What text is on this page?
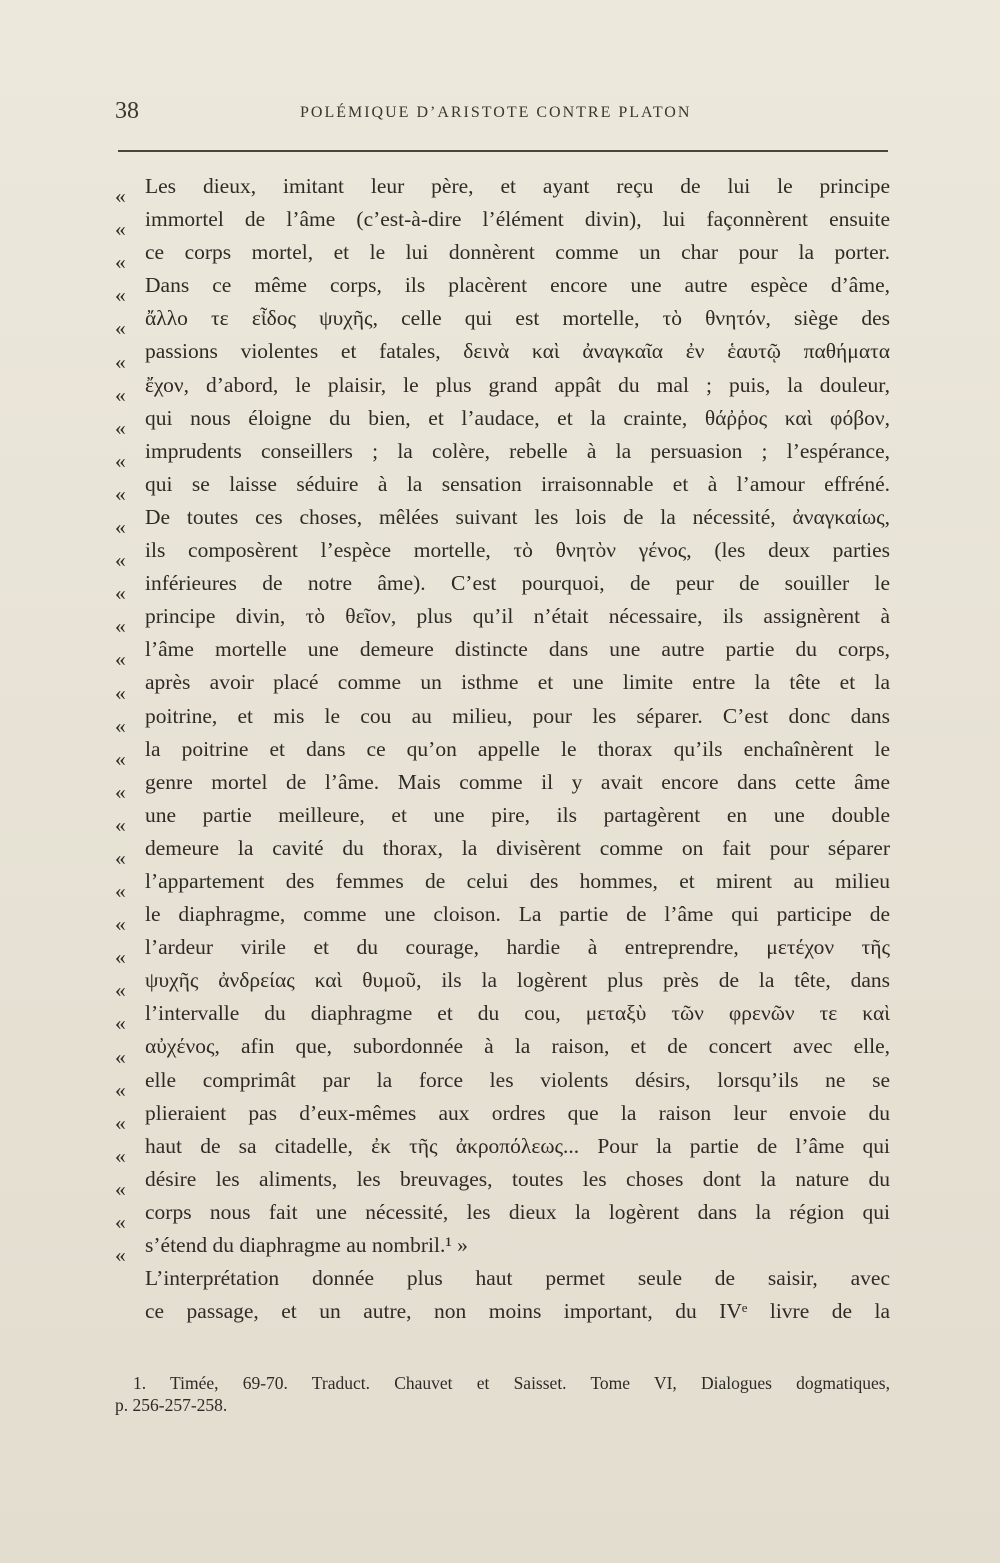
38	POLÉMIQUE D’ARISTOTE CONTRE PLATON
« Les dieux, imitant leur père, et ayant reçu de lui le principe
« immortel de l’âme (c’est-à-dire l’élément divin), lui façonnèrent ensuite
« ce corps mortel, et le lui donnèrent comme un char pour la porter.
« Dans ce même corps, ils placèrent encore une autre espèce d’âme,
« ἄλλο τε εἶδος ψυχῆς, celle qui est mortelle, τὸ θνητόν, siège des
« passions violentes et fatales, δεινὰ καὶ ἀναγκαῖα ἐν ἑαυτῷ παθήματα
« ἔχον, d’abord, le plaisir, le plus grand appât du mal ; puis, la douleur,
« qui nous éloigne du bien, et l’audace, et la crainte, θάῤῥος καὶ φόβον,
« imprudents conseillers ; la colère, rebelle à la persuasion ; l’espérance,
« qui se laisse séduire à la sensation irraisonnable et à l’amour effréné.
« De toutes ces choses, mêlées suivant les lois de la nécessité, ἀναγκαίως,
« ils composèrent l’espèce mortelle, τὸ θνητὸν γένος, (les deux parties
« inférieures de notre âme). C’est pourquoi, de peur de souiller le
« principe divin, τὸ θεῖον, plus qu’il n’était nécessaire, ils assignèrent à
« l’âme mortelle une demeure distincte dans une autre partie du corps,
« après avoir placé comme un isthme et une limite entre la tête et la
« poitrine, et mis le cou au milieu, pour les séparer. C’est donc dans
« la poitrine et dans ce qu’on appelle le thorax qu’ils enchaînèrent le
« genre mortel de l’âme. Mais comme il y avait encore dans cette âme
« une partie meilleure, et une pire, ils partagèrent en une double
« demeure la cavité du thorax, la divisèrent comme on fait pour séparer
« l’appartement des femmes de celui des hommes, et mirent au milieu
« le diaphragme, comme une cloison. La partie de l’âme qui participe de
« l’ardeur virile et du courage, hardie à entreprendre, μετέχον τῆς
« ψυχῆς ἀνδρείας καὶ θυμοῦ, ils la logèrent plus près de la tête, dans
« l’intervalle du diaphragme et du cou, μεταξὺ τῶν φρενῶν τε καὶ
« αὐχένος, afin que, subordonnée à la raison, et de concert avec elle,
« elle comprimât par la force les violents désirs, lorsqu’ils ne se
« plieraient pas d’eux-mêmes aux ordres que la raison leur envoie du
« haut de sa citadelle, ἐκ τῆς ἀκροπόλεως... Pour la partie de l’âme qui
« désire les aliments, les breuvages, toutes les choses dont la nature du
« corps nous fait une nécessité, les dieux la logèrent dans la région qui
« s’étend du diaphragme au nombril.¹ »
L’interprétation donnée plus haut permet seule de saisir, avec
ce passage, et un autre, non moins important, du IVᵉ livre de la
1. Timée, 69-70. Traduct. Chauvet et Saisset. Tome VI, Dialogues dogmatiques,
p. 256-257-258.
